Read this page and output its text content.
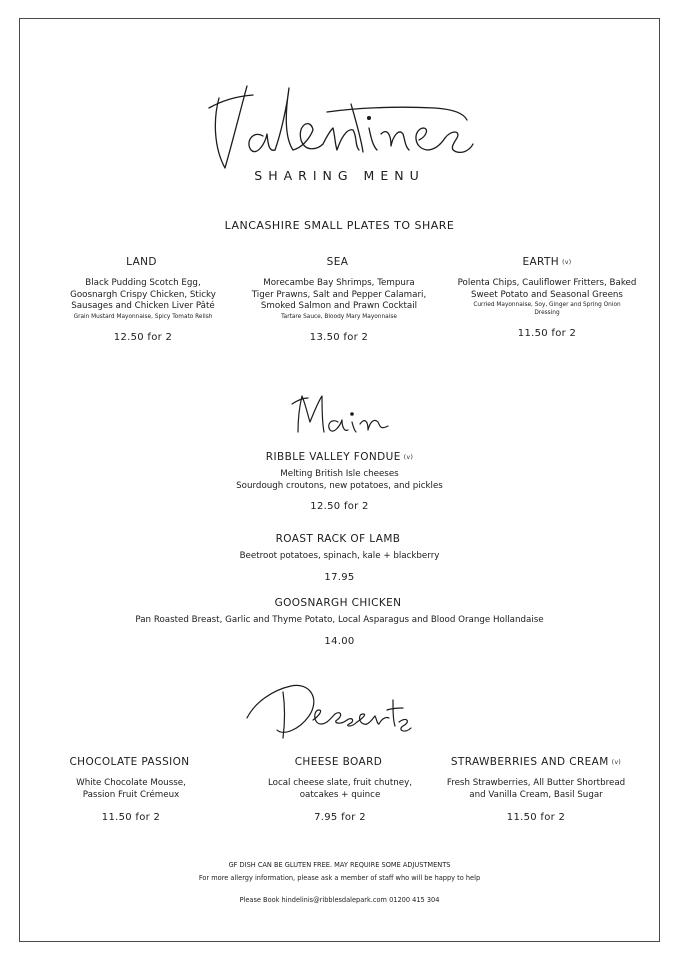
SHARING MENU
LANCASHIRE SMALL PLATES TO SHARE
LAND
Black Pudding Scotch Egg,
Goosnargh Crispy Chicken, Sticky
Sausages and Chicken Liver Pâté
Grain Mustard Mayonnaise, Spicy Tomato Relish
12.50 for 2
SEA
Morecambe Bay Shrimps, Tempura
Tiger Prawns, Salt and Pepper Calamari,
Smoked Salmon and Prawn Cocktail
Tartare Sauce, Bloody Mary Mayonnaise
13.50 for 2
EARTH (v)
Polenta Chips, Cauliflower Fritters, Baked
Sweet Potato and Seasonal Greens
Curried Mayonnaise, Soy, Ginger and Spring Onion
Dressing
11.50 for 2
RIBBLE VALLEY FONDUE (v)
Melting British Isle cheeses
Sourdough croutons, new potatoes, and pickles
12.50 for 2
ROAST RACK OF LAMB
Beetroot potatoes, spinach, kale + blackberry
17.95
GOOSNARGH CHICKEN
Pan Roasted Breast, Garlic and Thyme Potato, Local Asparagus and Blood Orange Hollandaise
14.00
CHOCOLATE PASSION
White Chocolate Mousse,
Passion Fruit Crémeux
11.50 for 2
CHEESE BOARD
Local cheese slate, fruit chutney,
oatcakes + quince
7.95 for 2
STRAWBERRIES AND CREAM (v)
Fresh Strawberries, All Butter Shortbread
and Vanilla Cream, Basil Sugar
11.50 for 2
GF DISH CAN BE GLUTEN FREE. MAY REQUIRE SOME ADJUSTMENTS
For more allergy information, please ask a member of staff who will be happy to help
Please Book hindelinis@ribblesdalepark.com 01200 415 304
